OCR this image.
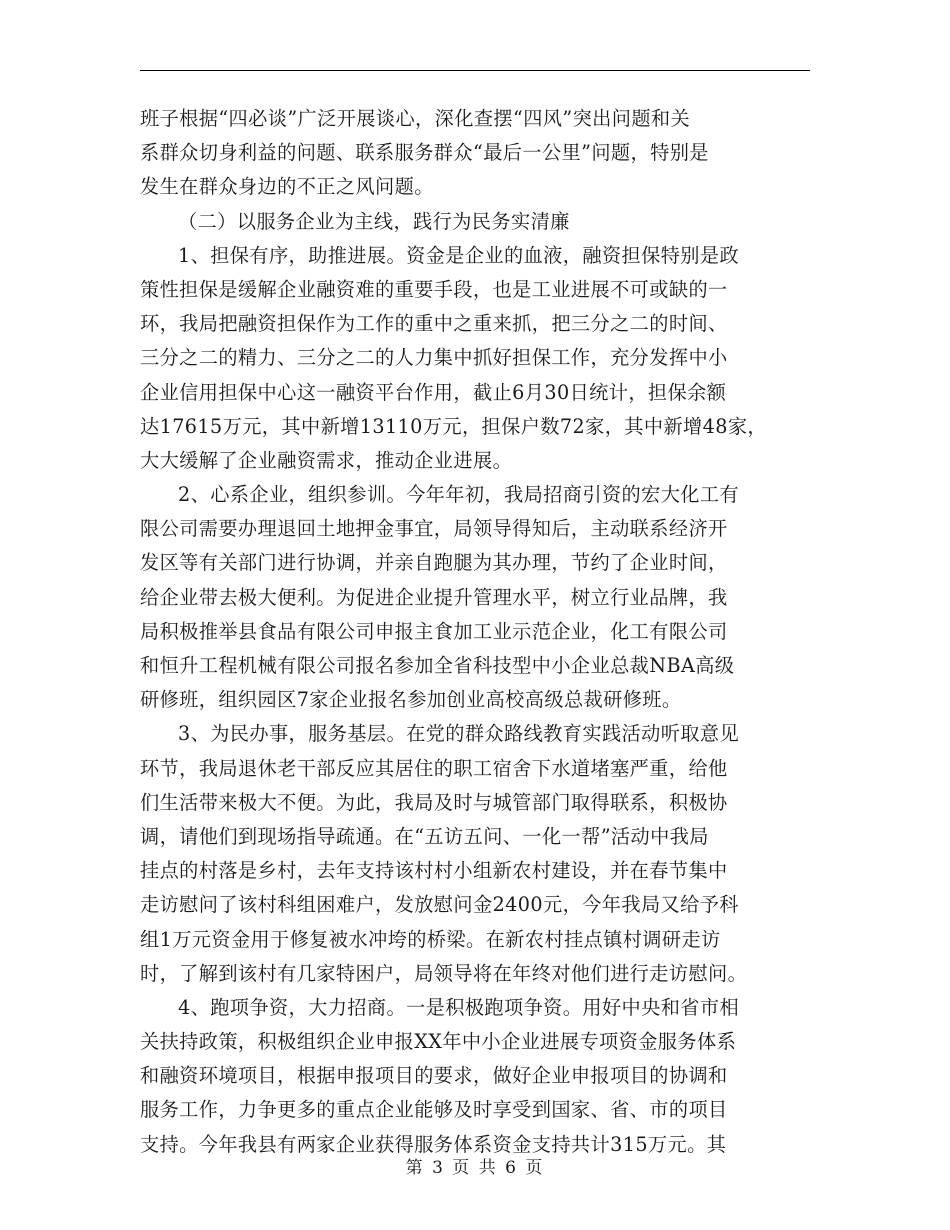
班子根据“四必谈”广泛开展谈心，深化查摆“四风”突出问题和关
系群众切身利益的问题、联系服务群众“最后一公里”问题，特别是
发生在群众身边的不正之风问题。
（二）以服务企业为主线，践行为民务实清廉
1、担保有序，助推进展。资金是企业的血液，融资担保特别是政
策性担保是缓解企业融资难的重要手段，也是工业进展不可或缺的一
环，我局把融资担保作为工作的重中之重来抓，把三分之二的时间、
三分之二的精力、三分之二的人力集中抓好担保工作，充分发挥中小
企业信用担保中心这一融资平台作用，截止6月30日统计，担保余额
达17615万元，其中新增13110万元，担保户数72家，其中新增48家，
大大缓解了企业融资需求，推动企业进展。
2、心系企业，组织参训。今年年初，我局招商引资的宏大化工有
限公司需要办理退回土地押金事宜，局领导得知后，主动联系经济开
发区等有关部门进行协调，并亲自跑腿为其办理，节约了企业时间，
给企业带去极大便利。为促进企业提升管理水平，树立行业品牌，我
局积极推举县食品有限公司申报主食加工业示范企业，化工有限公司
和恒升工程机械有限公司报名参加全省科技型中小企业总裁NBA高级
研修班，组织园区7家企业报名参加创业高校高级总裁研修班。
3、为民办事，服务基层。在党的群众路线教育实践活动听取意见
环节，我局退休老干部反应其居住的职工宿舍下水道堵塞严重，给他
们生活带来极大不便。为此，我局及时与城管部门取得联系，积极协
调，请他们到现场指导疏通。在“五访五问、一化一帮”活动中我局
挂点的村落是乡村，去年支持该村村小组新农村建设，并在春节集中
走访慰问了该村科组困难户，发放慰问金2400元，今年我局又给予科
组1万元资金用于修复被水冲垮的桥梁。在新农村挂点镇村调研走访
时，了解到该村有几家特困户，局领导将在年终对他们进行走访慰问。
4、跑项争资，大力招商。一是积极跑项争资。用好中央和省市相
关扶持政策，积极组织企业申报XX年中小企业进展专项资金服务体系
和融资环境项目，根据申报项目的要求，做好企业申报项目的协调和
服务工作，力争更多的重点企业能够及时享受到国家、省、市的项目
支持。今年我县有两家企业获得服务体系资金支持共计315万元。其
第 3 页 共 6 页
